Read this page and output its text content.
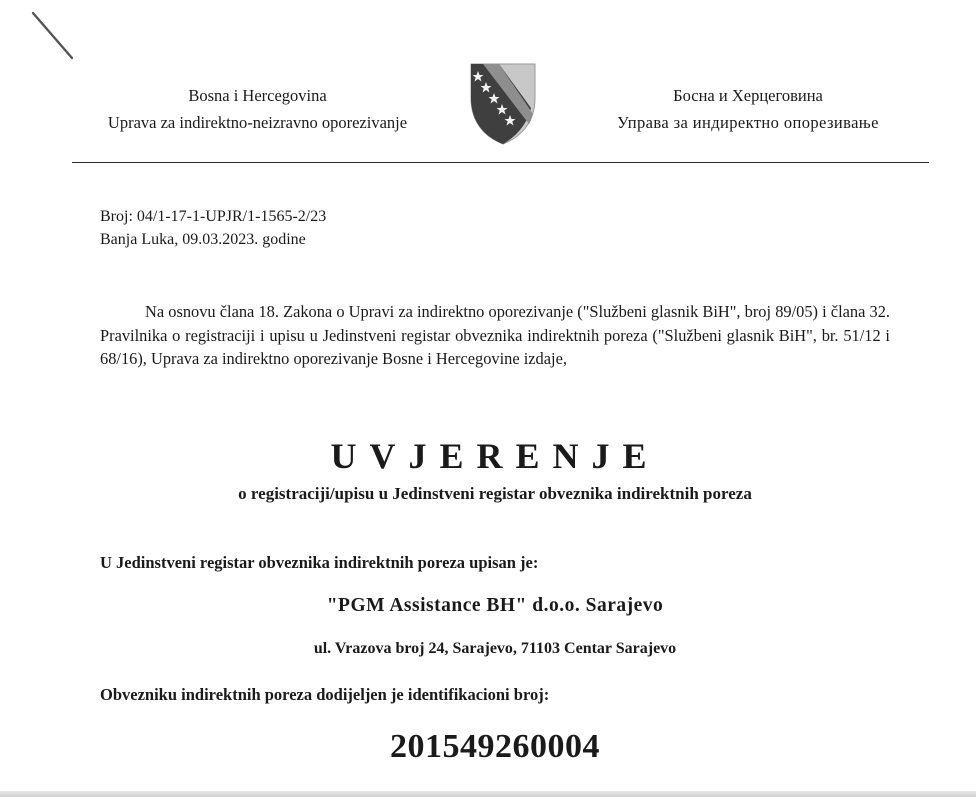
Bosna i Hercegovina
Uprava za indirektno-neizravno oporezivanje
Босна и Херцеговина
Управа за индиректно опорезивање
Broj: 04/1-17-1-UPJR/1-1565-2/23
Banja Luka, 09.03.2023. godine
Na osnovu člana 18. Zakona o Upravi za indirektno oporezivanje ("Službeni glasnik BiH", broj 89/05) i člana 32. Pravilnika o registraciji i upisu u Jedinstveni registar obveznika indirektnih poreza ("Službeni glasnik BiH", br. 51/12 i 68/16), Uprava za indirektno oporezivanje Bosne i Hercegovine izdaje,
UVJERENJE
o registraciji/upisu u Jedinstveni registar obveznika indirektnih poreza
U Jedinstveni registar obveznika indirektnih poreza upisan je:
"PGM Assistance BH" d.o.o. Sarajevo
ul. Vrazova broj 24, Sarajevo, 71103 Centar Sarajevo
Obvezniku indirektnih poreza dodijeljen je identifikacioni broj:
201549260004
